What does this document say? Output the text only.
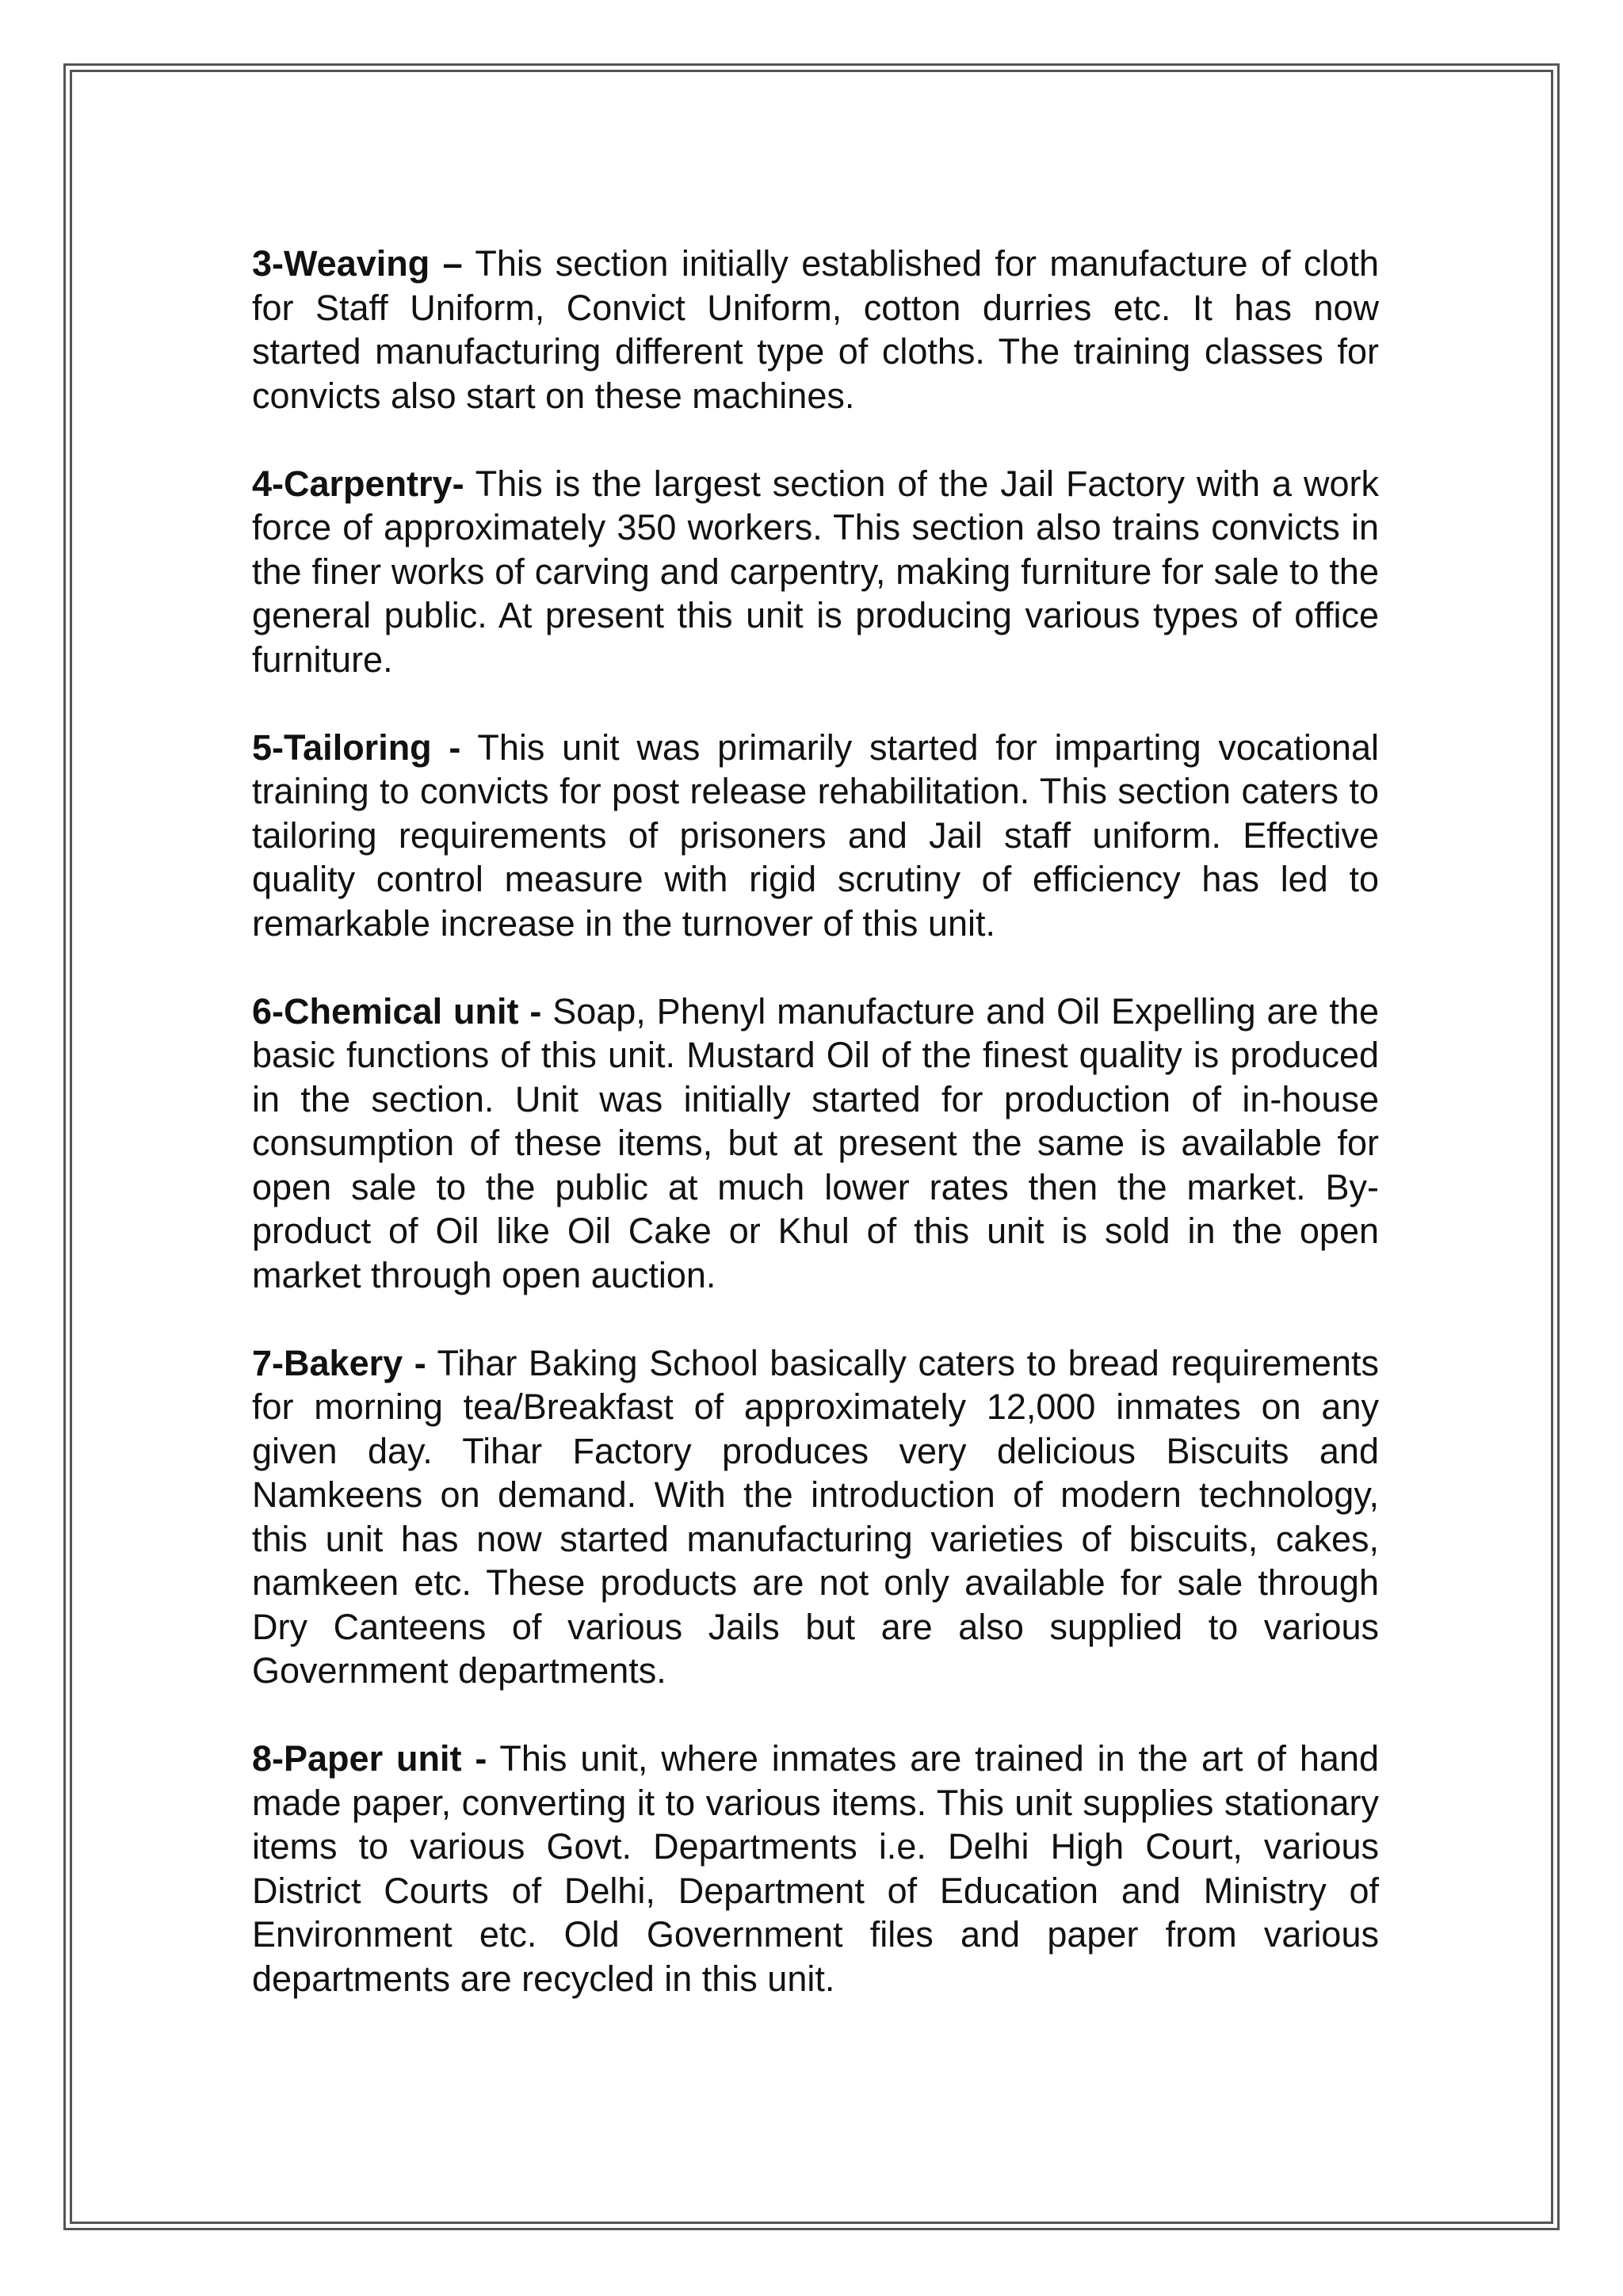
3-Weaving – This section initially established for manufacture of cloth for Staff Uniform, Convict Uniform, cotton durries etc. It has now started manufacturing different type of cloths. The training classes for convicts also start on these machines.

4-Carpentry- This is the largest section of the Jail Factory with a work force of approximately 350 workers. This section also trains convicts in the finer works of carving and carpentry, making furniture for sale to the general public. At present this unit is producing various types of office furniture.

5-Tailoring - This unit was primarily started for imparting vocational training to convicts for post release rehabilitation. This section caters to tailoring requirements of prisoners and Jail staff uniform. Effective quality control measure with rigid scrutiny of efficiency has led to remarkable increase in the turnover of this unit.

6-Chemical unit - Soap, Phenyl manufacture and Oil Expelling are the basic functions of this unit. Mustard Oil of the finest quality is produced in the section. Unit was initially started for production of in-house consumption of these items, but at present the same is available for open sale to the public at much lower rates then the market. By-product of Oil like Oil Cake or Khul of this unit is sold in the open market through open auction.

7-Bakery - Tihar Baking School basically caters to bread requirements for morning tea/Breakfast of approximately 12,000 inmates on any given day. Tihar Factory produces very delicious Biscuits and Namkeens on demand. With the introduction of modern technology, this unit has now started manufacturing varieties of biscuits, cakes, namkeen etc. These products are not only available for sale through Dry Canteens of various Jails but are also supplied to various Government departments.

8-Paper unit - This unit, where inmates are trained in the art of hand made paper, converting it to various items. This unit supplies stationary items to various Govt. Departments i.e. Delhi High Court, various District Courts of Delhi, Department of Education and Ministry of Environment etc. Old Government files and paper from various departments are recycled in this unit.
